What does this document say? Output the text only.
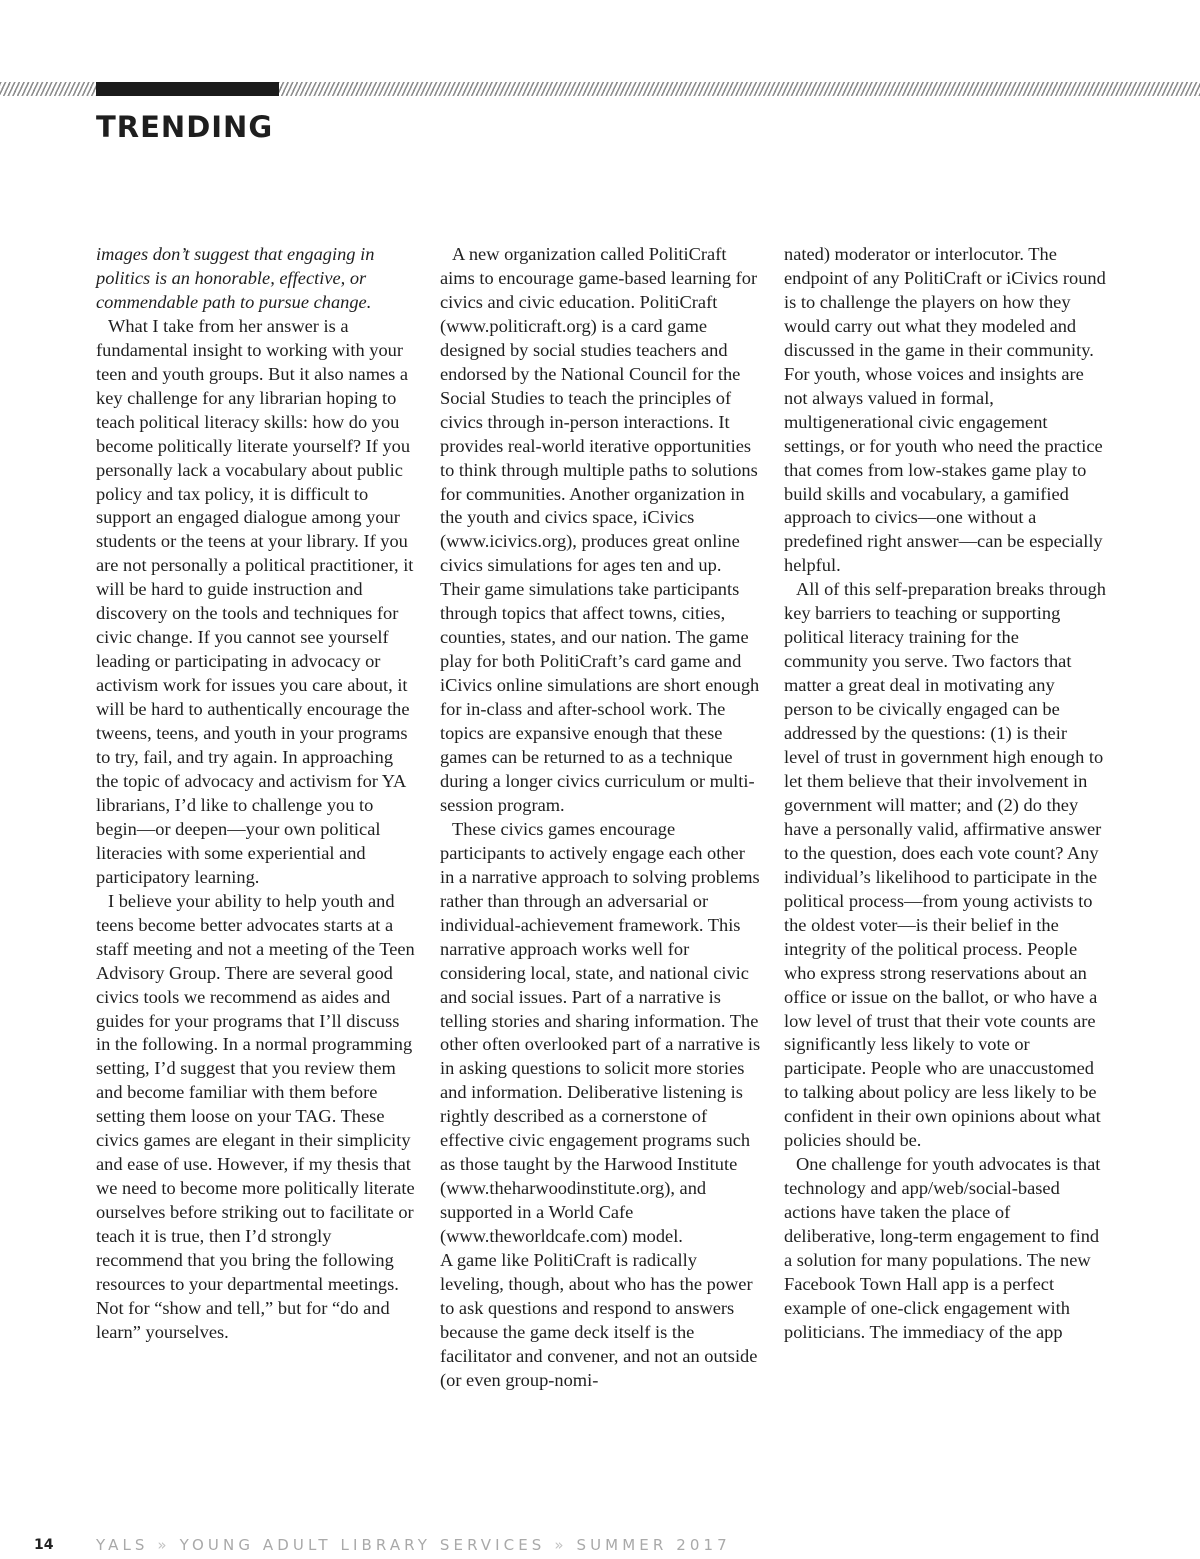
TRENDING

images don’t suggest that engaging in politics is an honorable, effective, or commendable path to pursue change.

What I take from her answer is a fundamental insight to working with your teen and youth groups. But it also names a key challenge for any librarian hoping to teach political literacy skills: how do you become politically literate yourself? If you personally lack a vocabulary about public policy and tax policy, it is difficult to support an engaged dialogue among your students or the teens at your library. If you are not personally a political practitioner, it will be hard to guide instruction and discovery on the tools and techniques for civic change. If you cannot see yourself leading or participating in advocacy or activism work for issues you care about, it will be hard to authentically encourage the tweens, teens, and youth in your programs to try, fail, and try again. In approaching the topic of advocacy and activism for YA librarians, I’d like to challenge you to begin—or deepen—your own political literacies with some experiential and participatory learning.

I believe your ability to help youth and teens become better advocates starts at a staff meeting and not a meeting of the Teen Advisory Group. There are several good civics tools we recommend as aides and guides for your programs that I’ll discuss in the following. In a normal programming setting, I’d suggest that you review them and become familiar with them before setting them loose on your TAG. These civics games are elegant in their simplicity and ease of use. However, if my thesis that we need to become more politically literate ourselves before striking out to facilitate or teach it is true, then I’d strongly recommend that you bring the following resources to your departmental meetings. Not for “show and tell,” but for “do and learn” yourselves.

A new organization called PolitiCraft aims to encourage game-based learning for civics and civic education. PolitiCraft (www.politicraft.org) is a card game designed by social studies teachers and endorsed by the National Council for the Social Studies to teach the principles of civics through in-person interactions. It provides real-world iterative opportunities to think through multiple paths to solutions for communities. Another organization in the youth and civics space, iCivics (www.icivics.org), produces great online civics simulations for ages ten and up. Their game simulations take participants through topics that affect towns, cities, counties, states, and our nation. The game play for both PolitiCraft’s card game and iCivics online simulations are short enough for in-class and after-school work. The topics are expansive enough that these games can be returned to as a technique during a longer civics curriculum or multi-session program.

These civics games encourage participants to actively engage each other in a narrative approach to solving problems rather than through an adversarial or individual-achievement framework. This narrative approach works well for considering local, state, and national civic and social issues. Part of a narrative is telling stories and sharing information. The other often overlooked part of a narrative is in asking questions to solicit more stories and information. Deliberative listening is rightly described as a cornerstone of effective civic engagement programs such as those taught by the Harwood Institute (www.theharwoodinstitute.org), and supported in a World Cafe (www.theworldcafe.com) model.

A game like PolitiCraft is radically leveling, though, about who has the power to ask questions and respond to answers because the game deck itself is the facilitator and convener, and not an outside (or even group-nomi-

nated) moderator or interlocutor. The endpoint of any PolitiCraft or iCivics round is to challenge the players on how they would carry out what they modeled and discussed in the game in their community. For youth, whose voices and insights are not always valued in formal, multigenerational civic engagement settings, or for youth who need the practice that comes from low-stakes game play to build skills and vocabulary, a gamified approach to civics—one without a predefined right answer—can be especially helpful.

All of this self-preparation breaks through key barriers to teaching or supporting political literacy training for the community you serve. Two factors that matter a great deal in motivating any person to be civically engaged can be addressed by the questions: (1) is their level of trust in government high enough to let them believe that their involvement in government will matter; and (2) do they have a personally valid, affirmative answer to the question, does each vote count? Any individual’s likelihood to participate in the political process—from young activists to the oldest voter—is their belief in the integrity of the political process. People who express strong reservations about an office or issue on the ballot, or who have a low level of trust that their vote counts are significantly less likely to vote or participate. People who are unaccustomed to talking about policy are less likely to be confident in their own opinions about what policies should be.

One challenge for youth advocates is that technology and app/web/social-based actions have taken the place of deliberative, long-term engagement to find a solution for many populations. The new Facebook Town Hall app is a perfect example of one-click engagement with politicians. The immediacy of the app

14	YALS » YOUNG ADULT LIBRARY SERVICES » SUMMER 2017
